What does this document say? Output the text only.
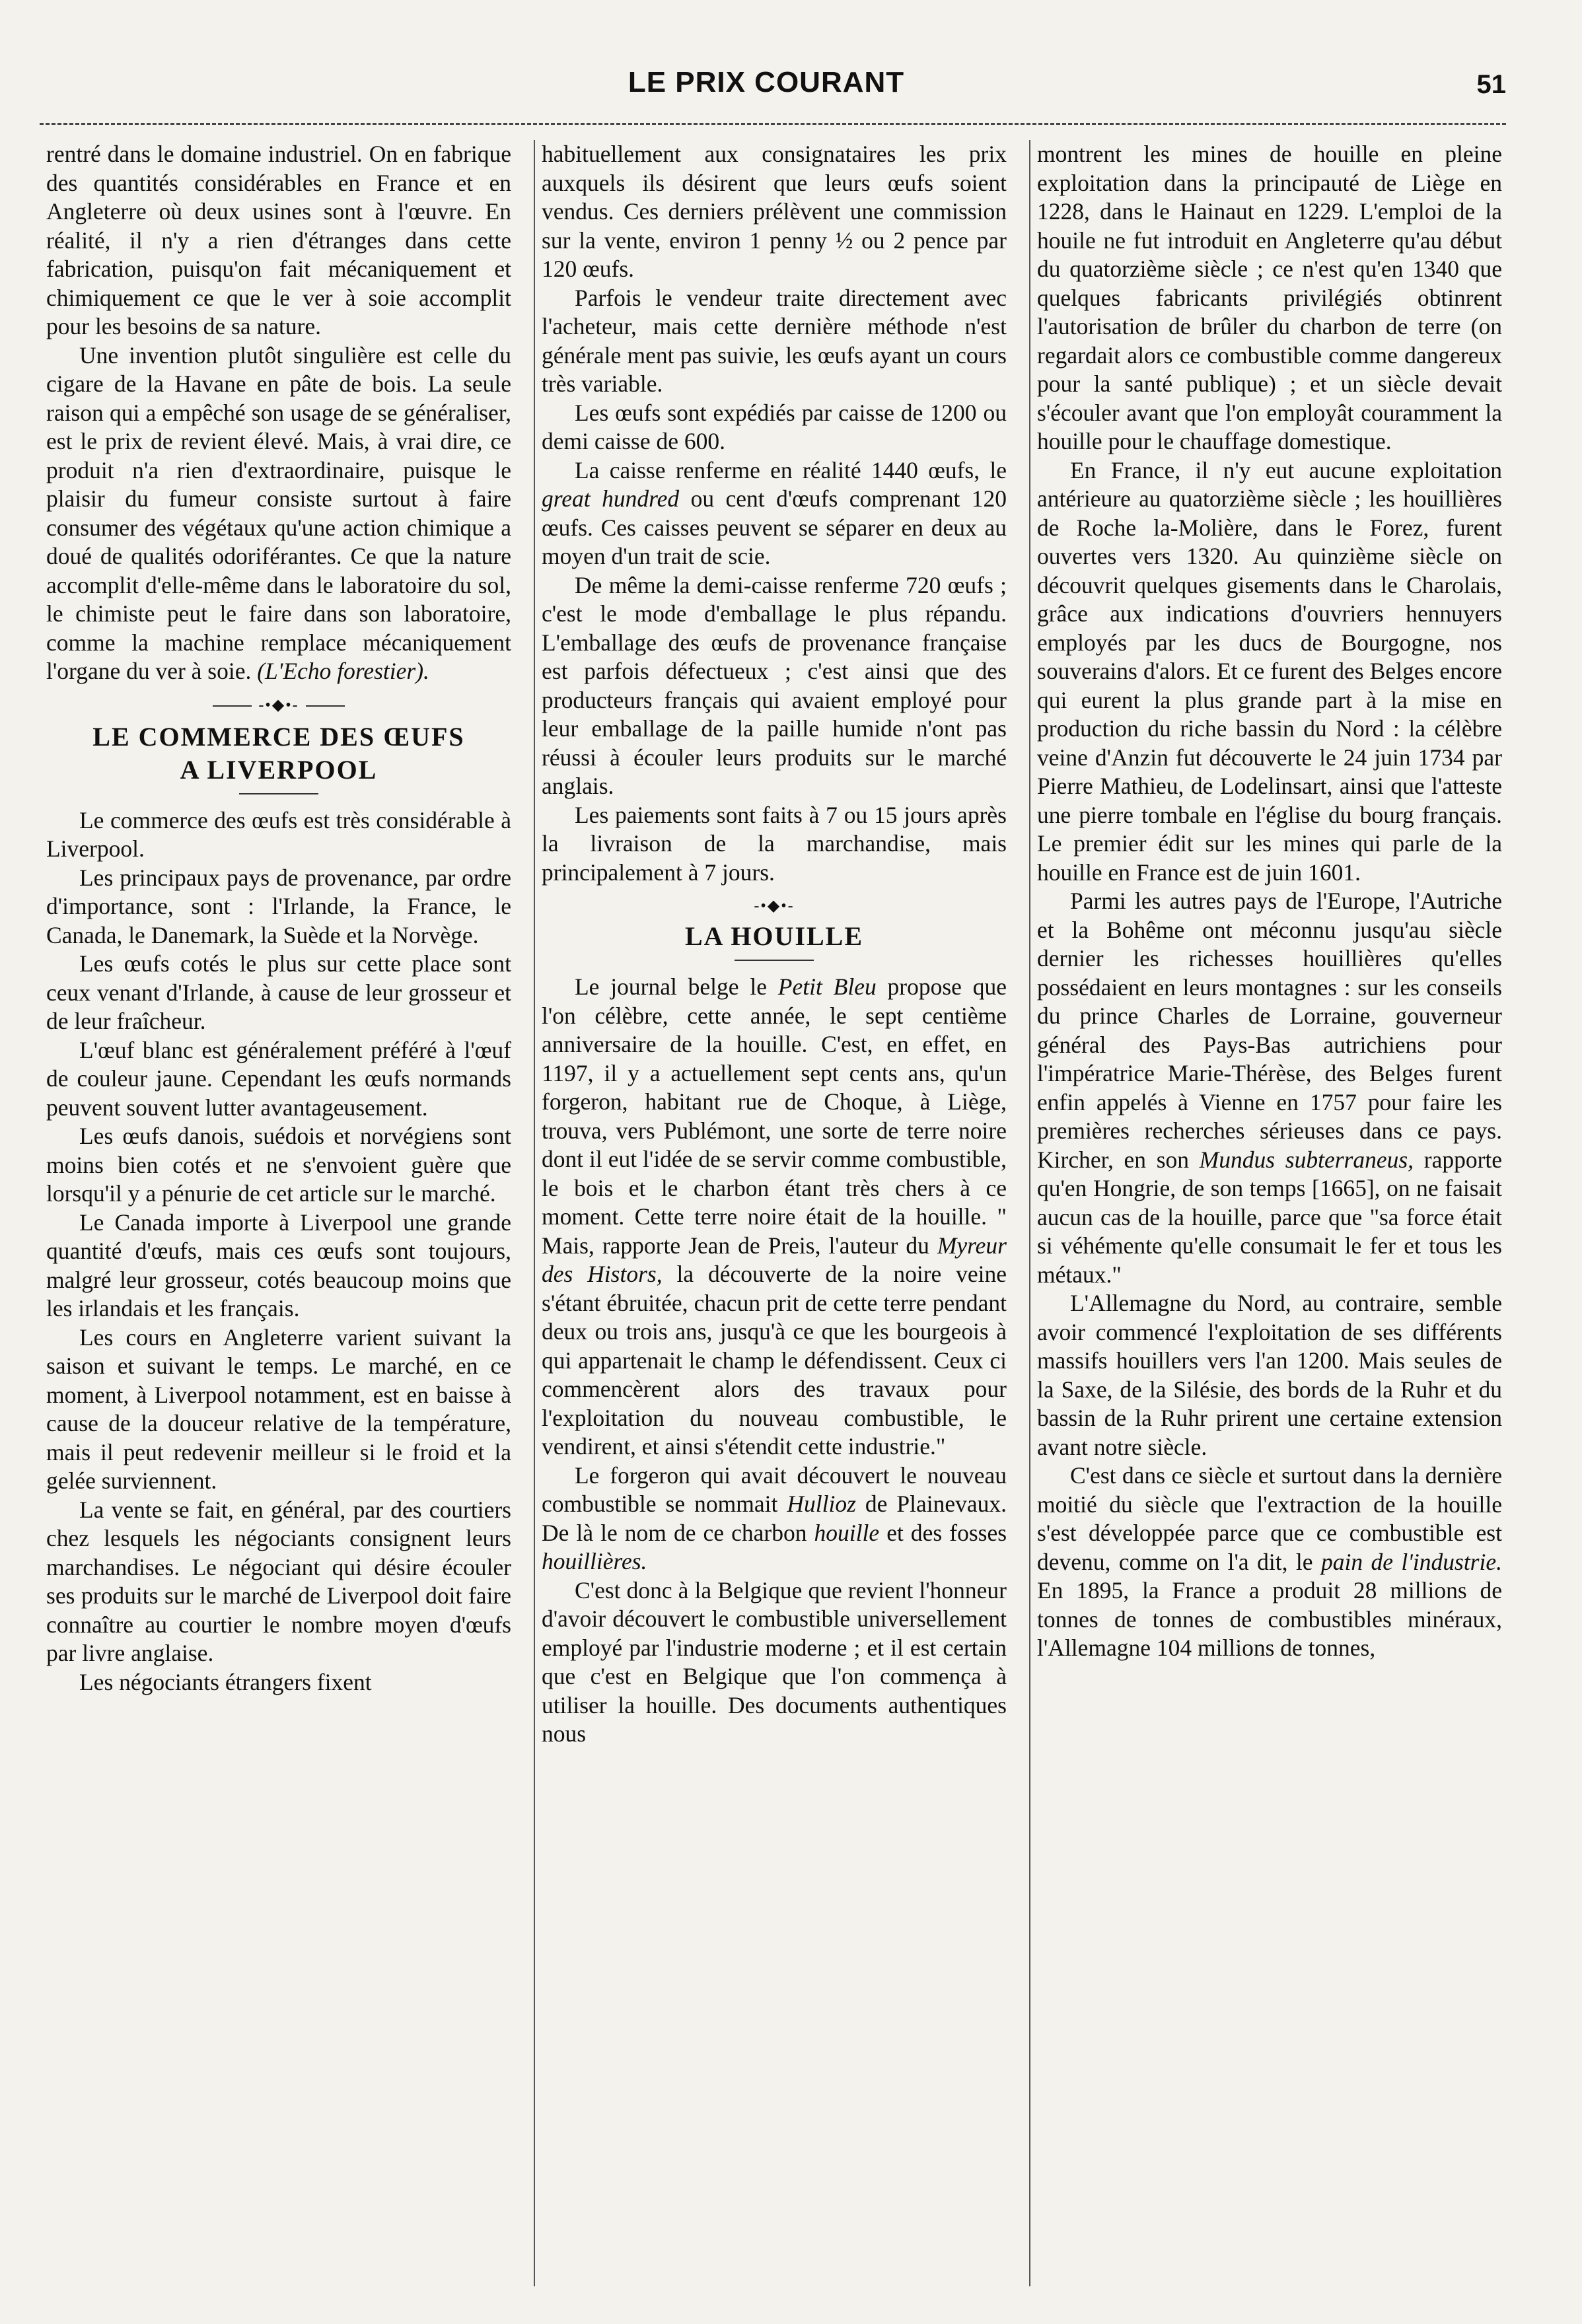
LE PRIX COURANT	51

rentré dans le domaine industriel. On en fabrique des quantités considérables en France et en Angleterre où deux usines sont à l'œuvre. En réalité, il n'y a rien d'étranges dans cette fabrication, puisqu'on fait mécaniquement et chimiquement ce que le ver à soie accomplit pour les besoins de sa nature.

Une invention plutôt singulière est celle du cigare de la Havane en pâte de bois. La seule raison qui a empêché son usage de se généraliser, est le prix de revient élevé. Mais, à vrai dire, ce produit n'a rien d'extraordinaire, puisque le plaisir du fumeur consiste surtout à faire consumer des végétaux qu'une action chimique a doué de qualités odoriférantes. Ce que la nature accomplit d'elle-même dans le laboratoire du sol, le chimiste peut le faire dans son laboratoire, comme la machine remplace mécaniquement l'organe du ver à soie. (L'Echo forestier).

-•◆•-
LE COMMERCE DES ŒUFS
A LIVERPOOL

Le commerce des œufs est très considérable à Liverpool.

Les principaux pays de provenance, par ordre d'importance, sont : l'Irlande, la France, le Canada, le Danemark, la Suède et la Norvège.

Les œufs cotés le plus sur cette place sont ceux venant d'Irlande, à cause de leur grosseur et de leur fraîcheur.

L'œuf blanc est généralement préféré à l'œuf de couleur jaune. Cependant les œufs normands peuvent souvent lutter avantageusement.

Les œufs danois, suédois et norvégiens sont moins bien cotés et ne s'envoient guère que lorsqu'il y a pénurie de cet article sur le marché.

Le Canada importe à Liverpool une grande quantité d'œufs, mais ces œufs sont toujours, malgré leur grosseur, cotés beaucoup moins que les irlandais et les français.

Les cours en Angleterre varient suivant la saison et suivant le temps. Le marché, en ce moment, à Liverpool notamment, est en baisse à cause de la douceur relative de la température, mais il peut redevenir meilleur si le froid et la gelée surviennent.

La vente se fait, en général, par des courtiers chez lesquels les négociants consignent leurs marchandises. Le négociant qui désire écouler ses produits sur le marché de Liverpool doit faire connaître au courtier le nombre moyen d'œufs par livre anglaise.

Les négociants étrangers fixent

habituellement aux consignataires les prix auxquels ils désirent que leurs œufs soient vendus. Ces derniers prélèvent une commission sur la vente, environ 1 penny ½ ou 2 pence par 120 œufs.

Parfois le vendeur traite directement avec l'acheteur, mais cette dernière méthode n'est générale ment pas suivie, les œufs ayant un cours très variable.

Les œufs sont expédiés par caisse de 1200 ou demi caisse de 600.

La caisse renferme en réalité 1440 œufs, le great hundred ou cent d'œufs comprenant 120 œufs. Ces caisses peuvent se séparer en deux au moyen d'un trait de scie.

De même la demi-caisse renferme 720 œufs ; c'est le mode d'emballage le plus répandu. L'emballage des œufs de provenance française est parfois défectueux ; c'est ainsi que des producteurs français qui avaient employé pour leur emballage de la paille humide n'ont pas réussi à écouler leurs produits sur le marché anglais.

Les paiements sont faits à 7 ou 15 jours après la livraison de la marchandise, mais principalement à 7 jours.

-•◆•-
LA HOUILLE

Le journal belge le Petit Bleu propose que l'on célèbre, cette année, le sept centième anniversaire de la houille. C'est, en effet, en 1197, il y a actuellement sept cents ans, qu'un forgeron, habitant rue de Choque, à Liège, trouva, vers Publémont, une sorte de terre noire dont il eut l'idée de se servir comme combustible, le bois et le charbon étant très chers à ce moment. Cette terre noire était de la houille. " Mais, rapporte Jean de Preis, l'auteur du Myreur des Histors, la découverte de la noire veine s'étant ébruitée, chacun prit de cette terre pendant deux ou trois ans, jusqu'à ce que les bourgeois à qui appartenait le champ le défendissent. Ceux ci commencèrent alors des travaux pour l'exploitation du nouveau combustible, le vendirent, et ainsi s'étendit cette industrie."

Le forgeron qui avait découvert le nouveau combustible se nommait Hullioz de Plainevaux. De là le nom de ce charbon houille et des fosses houillières.

C'est donc à la Belgique que revient l'honneur d'avoir découvert le combustible universellement employé par l'industrie moderne ; et il est certain que c'est en Belgique que l'on commença à utiliser la houille. Des documents authentiques nous

montrent les mines de houille en pleine exploitation dans la principauté de Liège en 1228, dans le Hainaut en 1229. L'emploi de la houile ne fut introduit en Angleterre qu'au début du quatorzième siècle ; ce n'est qu'en 1340 que quelques fabricants privilégiés obtinrent l'autorisation de brûler du charbon de terre (on regardait alors ce combustible comme dangereux pour la santé publique) ; et un siècle devait s'écouler avant que l'on employât couramment la houille pour le chauffage domestique.

En France, il n'y eut aucune exploitation antérieure au quatorzième siècle ; les houillières de Roche la-Molière, dans le Forez, furent ouvertes vers 1320. Au quinzième siècle on découvrit quelques gisements dans le Charolais, grâce aux indications d'ouvriers hennuyers employés par les ducs de Bourgogne, nos souverains d'alors. Et ce furent des Belges encore qui eurent la plus grande part à la mise en production du riche bassin du Nord : la célèbre veine d'Anzin fut découverte le 24 juin 1734 par Pierre Mathieu, de Lodelinsart, ainsi que l'atteste une pierre tombale en l'église du bourg français. Le premier édit sur les mines qui parle de la houille en France est de juin 1601.

Parmi les autres pays de l'Europe, l'Autriche et la Bohême ont méconnu jusqu'au siècle dernier les richesses houillières qu'elles possédaient en leurs montagnes : sur les conseils du prince Charles de Lorraine, gouverneur général des Pays-Bas autrichiens pour l'impératrice Marie-Thérèse, des Belges furent enfin appelés à Vienne en 1757 pour faire les premières recherches sérieuses dans ce pays. Kircher, en son Mundus subterraneus, rapporte qu'en Hongrie, de son temps [1665], on ne faisait aucun cas de la houille, parce que "sa force était si véhémente qu'elle consumait le fer et tous les métaux."

L'Allemagne du Nord, au contraire, semble avoir commencé l'exploitation de ses différents massifs houillers vers l'an 1200. Mais seules de la Saxe, de la Silésie, des bords de la Ruhr et du bassin de la Ruhr prirent une certaine extension avant notre siècle.

C'est dans ce siècle et surtout dans la dernière moitié du siècle que l'extraction de la houille s'est développée parce que ce combustible est devenu, comme on l'a dit, le pain de l'industrie. En 1895, la France a produit 28 millions de tonnes de tonnes de combustibles minéraux, l'Allemagne 104 millions de tonnes,
